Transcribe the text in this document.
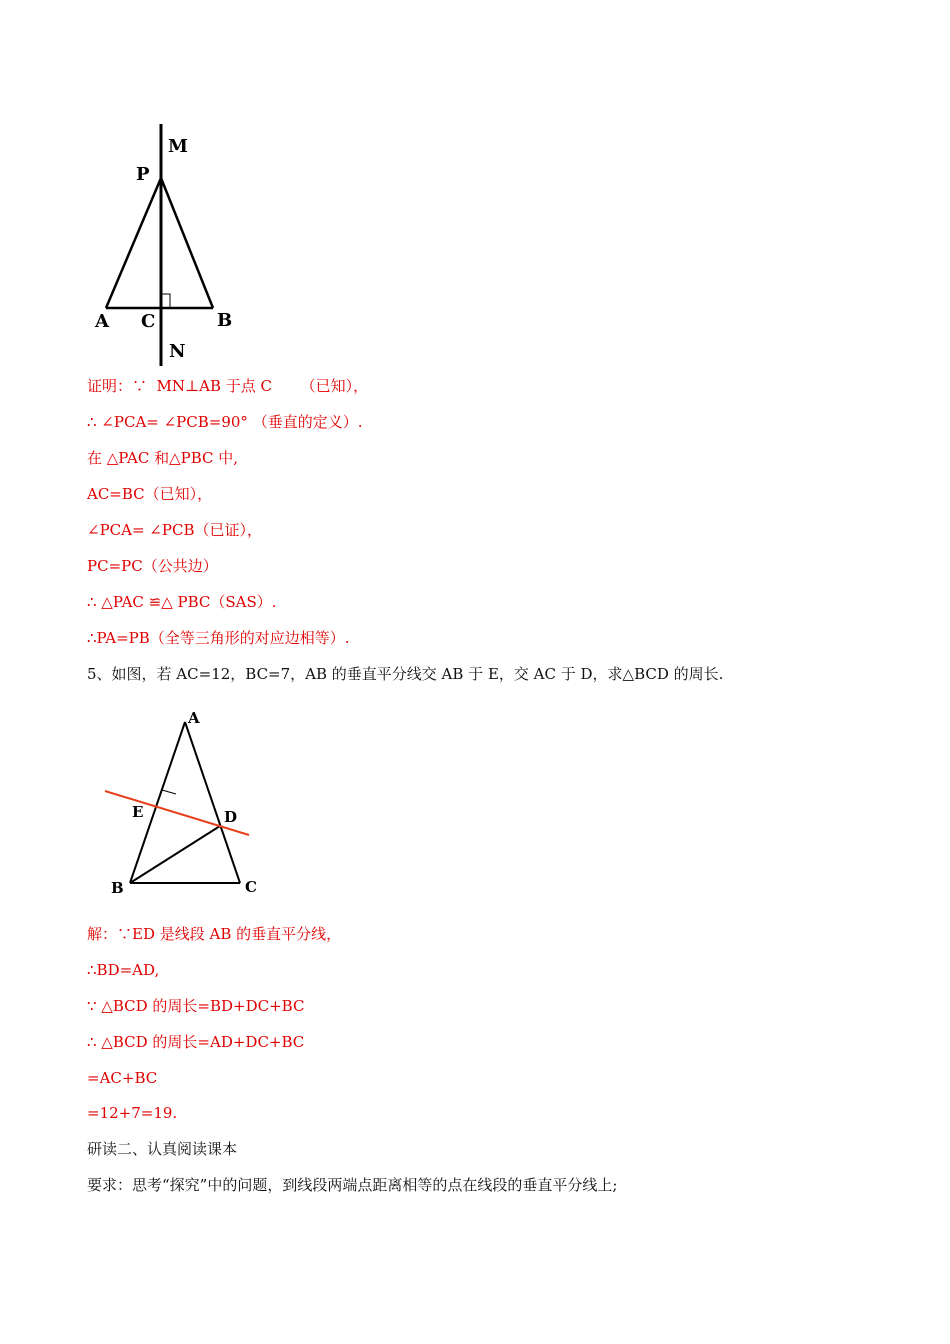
M
P
A C	B
N
证明：∵  MN⊥AB 于点 C      （已知），
∴ ∠PCA= ∠PCB=90° （垂直的定义）.
在 △PAC 和△PBC 中,
AC=BC（已知），
∠PCA= ∠PCB（已证），
PC=PC（公共边）
∴ △PAC ≌△ PBC（SAS）.
∴PA=PB（全等三角形的对应边相等）.
5、如图，若 AC=12，BC=7，AB 的垂直平分线交 AB 于 E，交 AC 于 D，求△BCD 的周长.
A
E	D
B	C
解：∵ED 是线段 AB 的垂直平分线，
∴BD=AD,
∵ △BCD 的周长=BD+DC+BC
∴ △BCD 的周长=AD+DC+BC
=AC+BC
=12+7=19.
研读二、认真阅读课本
要求：思考“探究”中的问题，到线段两端点距离相等的点在线段的垂直平分线上;
